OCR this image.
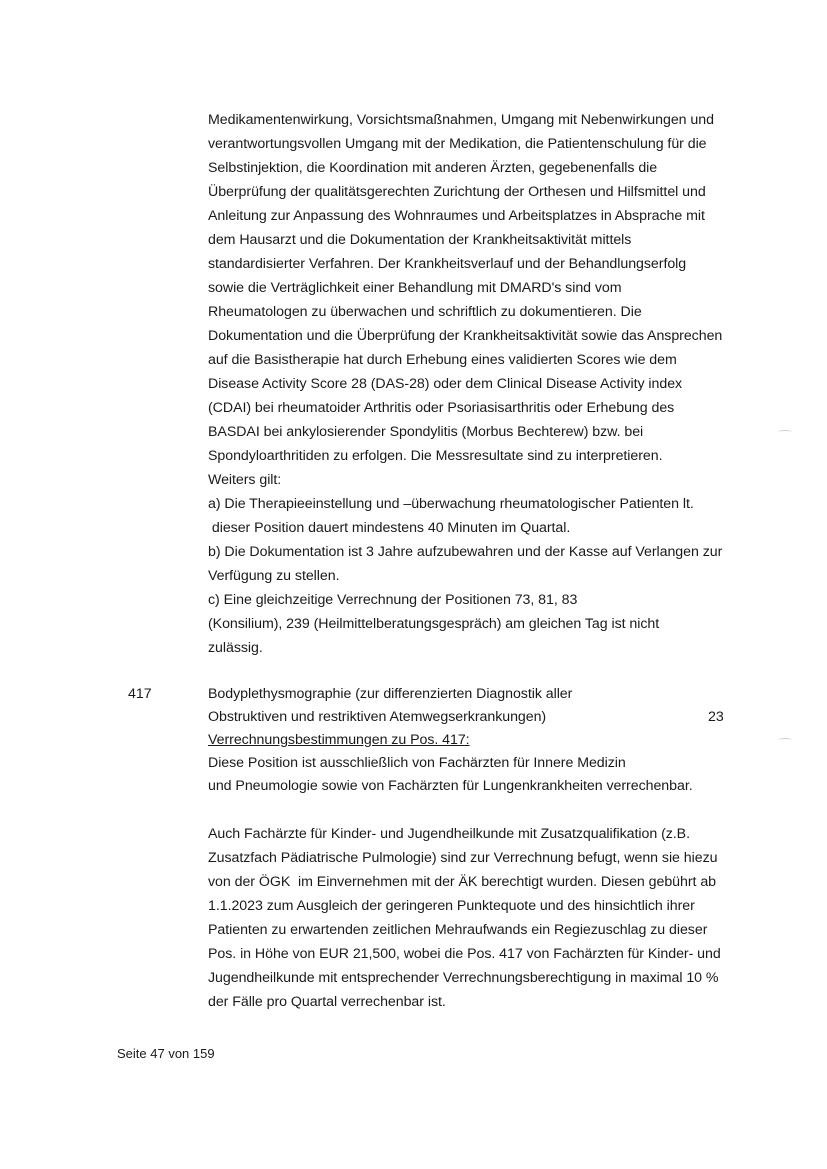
Medikamentenwirkung, Vorsichtsmaßnahmen, Umgang mit Nebenwirkungen und
verantwortungsvollen Umgang mit der Medikation, die Patientenschulung für die
Selbstinjektion, die Koordination mit anderen Ärzten, gegebenenfalls die
Überprüfung der qualitätsgerechten Zurichtung der Orthesen und Hilfsmittel und
Anleitung zur Anpassung des Wohnraumes und Arbeitsplatzes in Absprache mit
dem Hausarzt und die Dokumentation der Krankheitsaktivität mittels
standardisierter Verfahren. Der Krankheitsverlauf und der Behandlungserfolg
sowie die Verträglichkeit einer Behandlung mit DMARD's sind vom
Rheumatologen zu überwachen und schriftlich zu dokumentieren. Die
Dokumentation und die Überprüfung der Krankheitsaktivität sowie das Ansprechen
auf die Basistherapie hat durch Erhebung eines validierten Scores wie dem
Disease Activity Score 28 (DAS-28) oder dem Clinical Disease Activity index
(CDAI) bei rheumatoider Arthritis oder Psoriasisarthritis oder Erhebung des
BASDAI bei ankylosierender Spondylitis (Morbus Bechterew) bzw. bei
Spondyloarthritiden zu erfolgen. Die Messresultate sind zu interpretieren.
Weiters gilt:
a) Die Therapieeinstellung und –überwachung rheumatologischer Patienten lt.
dieser Position dauert mindestens 40 Minuten im Quartal.
b) Die Dokumentation ist 3 Jahre aufzubewahren und der Kasse auf Verlangen zur
Verfügung zu stellen.
c) Eine gleichzeitige Verrechnung der Positionen 73, 81, 83
(Konsilium), 239 (Heilmittelberatungsgespräch) am gleichen Tag ist nicht
zulässig.
417	Bodyplethysmographie (zur differenzierten Diagnostik aller
Obstruktiven und restriktiven Atemwegserkrankungen)	23
Verrechnungsbestimmungen zu Pos. 417:
Diese Position ist ausschließlich von Fachärzten für Innere Medizin
und Pneumologie sowie von Fachärzten für Lungenkrankheiten verrechenbar.
Auch Fachärzte für Kinder- und Jugendheilkunde mit Zusatzqualifikation (z.B.
Zusatzfach Pädiatrische Pulmologie) sind zur Verrechnung befugt, wenn sie hiezu
von der ÖGK  im Einvernehmen mit der ÄK berechtigt wurden. Diesen gebührt ab
1.1.2023 zum Ausgleich der geringeren Punktequote und des hinsichtlich ihrer
Patienten zu erwartenden zeitlichen Mehraufwands ein Regiezuschlag zu dieser
Pos. in Höhe von EUR 21,500, wobei die Pos. 417 von Fachärzten für Kinder- und
Jugendheilkunde mit entsprechender Verrechnungsberechtigung in maximal 10 %
der Fälle pro Quartal verrechenbar ist.
Seite 47 von 159
